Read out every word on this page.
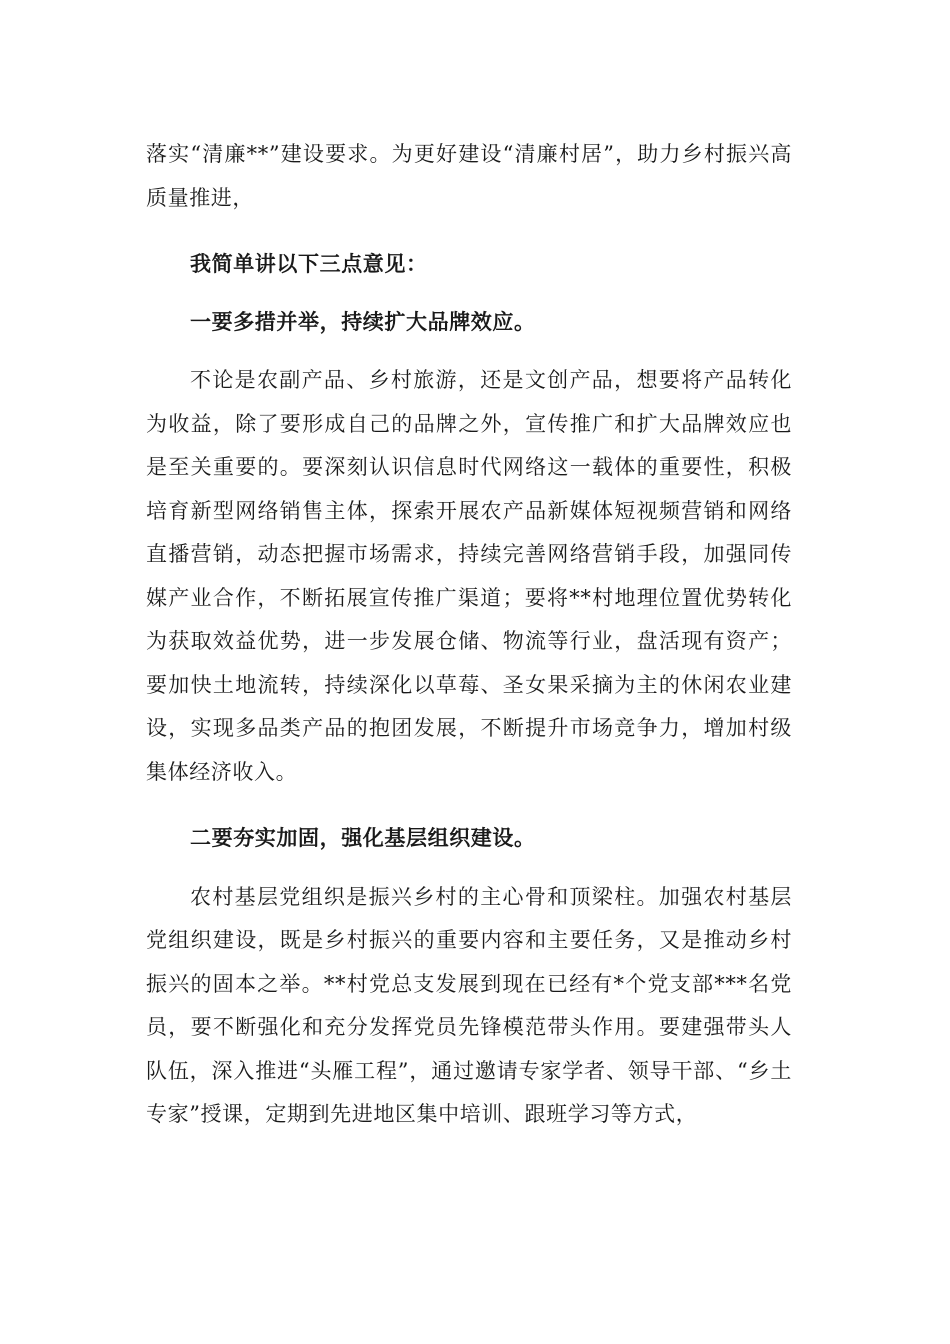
落实“清廉**”建设要求。为更好建设“清廉村居”，助力乡村振兴高质量推进，

我简单讲以下三点意见：

一要多措并举，持续扩大品牌效应。

不论是农副产品、乡村旅游，还是文创产品，想要将产品转化为收益，除了要形成自己的品牌之外，宣传推广和扩大品牌效应也是至关重要的。要深刻认识信息时代网络这一载体的重要性，积极培育新型网络销售主体，探索开展农产品新媒体短视频营销和网络直播营销，动态把握市场需求，持续完善网络营销手段，加强同传媒产业合作，不断拓展宣传推广渠道；要将**村地理位置优势转化为获取效益优势，进一步发展仓储、物流等行业，盘活现有资产；要加快土地流转，持续深化以草莓、圣女果采摘为主的休闲农业建设，实现多品类产品的抱团发展，不断提升市场竞争力，增加村级集体经济收入。

二要夯实加固，强化基层组织建设。

农村基层党组织是振兴乡村的主心骨和顶梁柱。加强农村基层党组织建设，既是乡村振兴的重要内容和主要任务，又是推动乡村振兴的固本之举。**村党总支发展到现在已经有*个党支部***名党员，要不断强化和充分发挥党员先锋模范带头作用。要建强带头人队伍，深入推进“头雁工程”，通过邀请专家学者、领导干部、“乡土专家”授课，定期到先进地区集中培训、跟班学习等方式，
